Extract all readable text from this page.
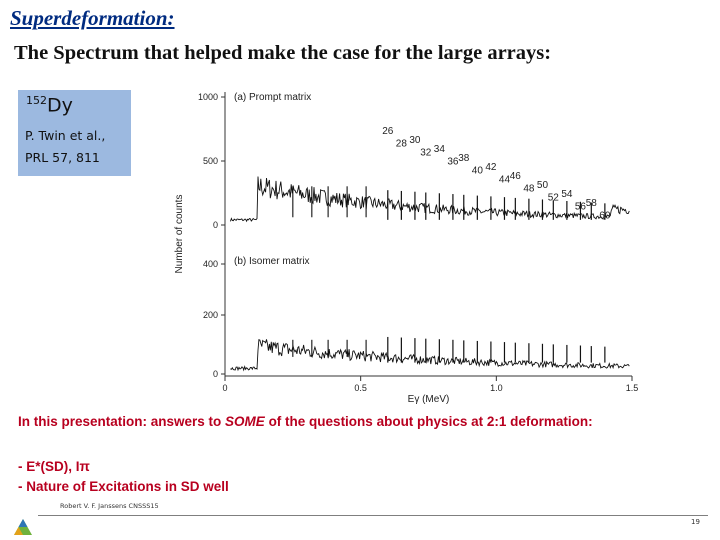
Superdeformation:
The Spectrum that helped make the case for the large arrays:
$^{152}$Dy
P. Twin et al.,
PRL 57, 811
Number of counts	0
500
1000 (a) Prompt matrix
0
200
400 (b) Isomer matrix
26
28 30
32 34
36 38
40 42
44 46
48 50
52 54
56 58
60
0	0.5	1.0	1.5
Eγ (MeV)
In this presentation: answers to SOME of the questions about physics at 2:1 deformation:
- E*(SD), Iπ
- Nature of Excitations in SD well
Robert V. F. Janssens CNSSS15
19
